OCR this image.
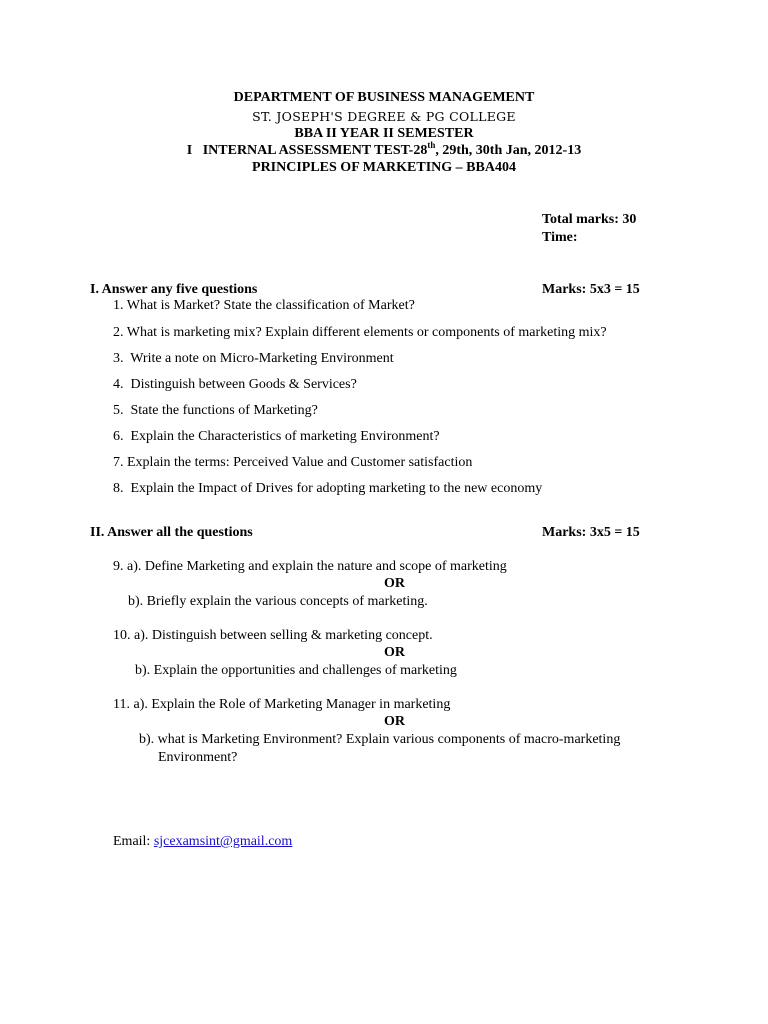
DEPARTMENT OF BUSINESS MANAGEMENT
ST. JOSEPH'S DEGREE & PG COLLEGE
BBA II YEAR II SEMESTER
I   INTERNAL ASSESSMENT TEST-28th, 29th, 30th Jan, 2012-13
PRINCIPLES OF MARKETING – BBA404
Total marks: 30
Time:
I. Answer any five questions	Marks: 5x3 = 15
1. What is Market? State the classification of Market?
2. What is marketing mix? Explain different elements or components of marketing mix?
3.  Write a note on Micro-Marketing Environment
4.  Distinguish between Goods & Services?
5.  State the functions of Marketing?
6.  Explain the Characteristics of marketing Environment?
7. Explain the terms: Perceived Value and Customer satisfaction
8.  Explain the Impact of Drives for adopting marketing to the new economy
II. Answer all the questions	Marks: 3x5 = 15
9. a). Define Marketing and explain the nature and scope of marketing
OR
b). Briefly explain the various concepts of marketing.
10. a). Distinguish between selling & marketing concept.
OR
b). Explain the opportunities and challenges of marketing
11. a). Explain the Role of Marketing Manager in marketing
OR
b). what is Marketing Environment? Explain various components of macro-marketing
Environment?
Email: sjcexamsint@gmail.com
